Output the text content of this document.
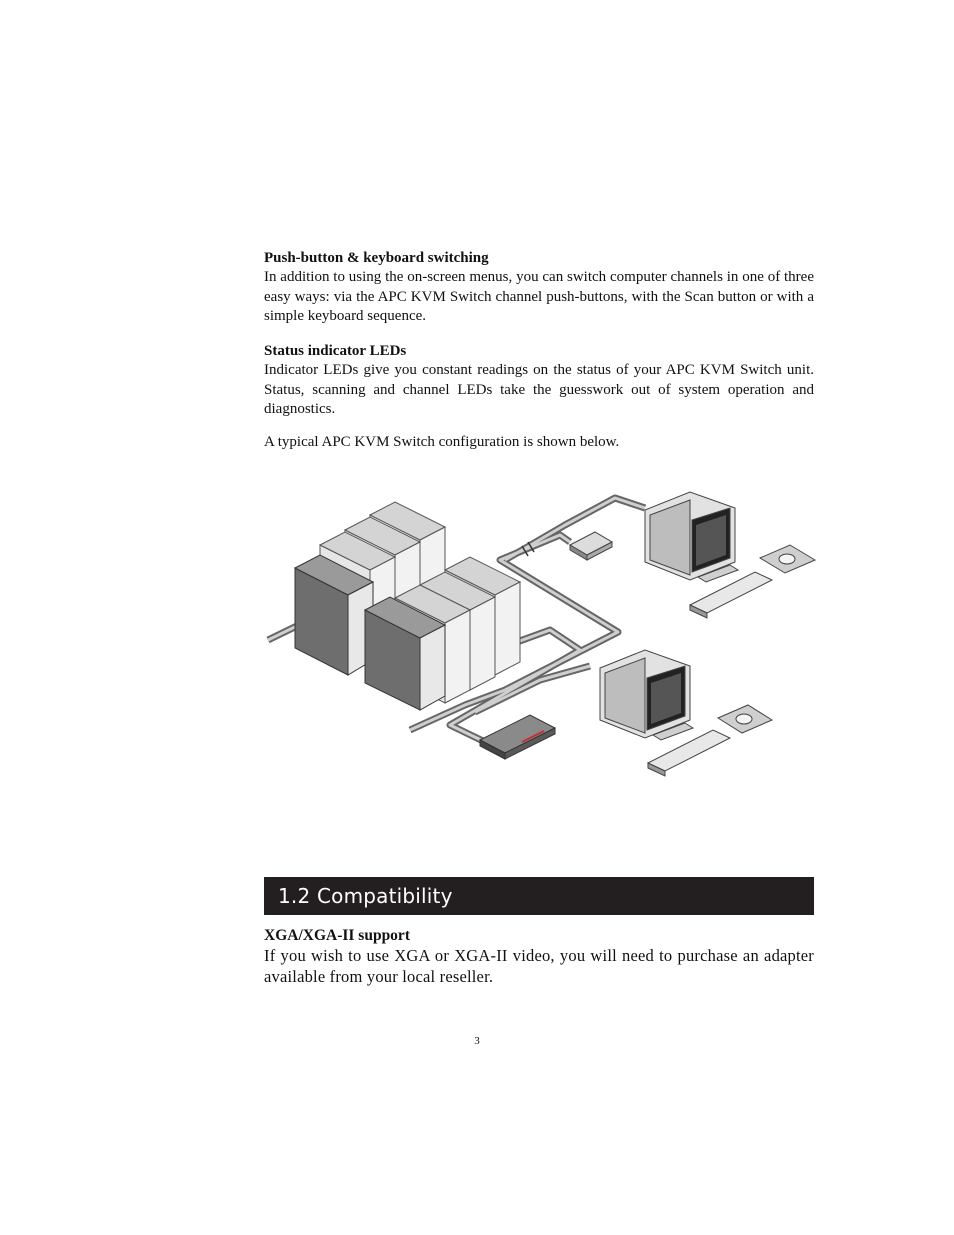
Push-button & keyboard switching

In addition to using the on-screen menus, you can switch computer channels in one of three easy ways: via the APC KVM Switch channel push-buttons, with the Scan button or with a simple keyboard sequence.

Status indicator LEDs

Indicator LEDs give you constant readings on the status of your APC KVM Switch unit. Status, scanning and channel LEDs take the guesswork out of system operation and diagnostics.

A typical APC KVM Switch configuration is shown below.

1.2 Compatibility

XGA/XGA-II support

If you wish to use XGA or XGA-II video, you will need to purchase an adapter available from your local reseller.

3
